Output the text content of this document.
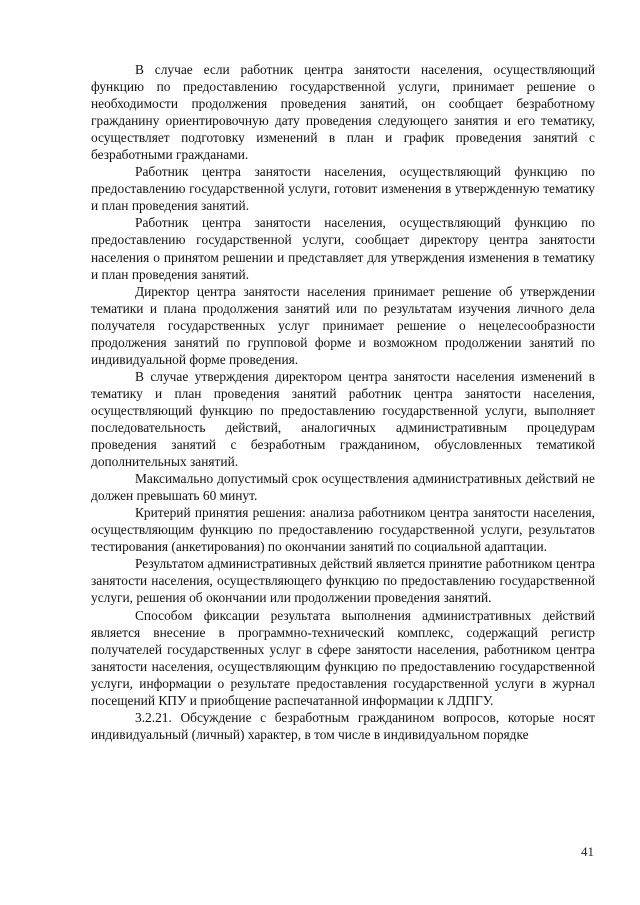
В случае если работник центра занятости населения, осуществляющий функцию по предоставлению государственной услуги, принимает решение о необходимости продолжения проведения занятий, он сообщает безработному гражданину ориентировочную дату проведения следующего занятия и его тематику, осуществляет подготовку изменений в план и график проведения занятий с безработными гражданами.

Работник центра занятости населения, осуществляющий функцию по предоставлению государственной услуги, готовит изменения в утвержденную тематику и план проведения занятий.

Работник центра занятости населения, осуществляющий функцию по предоставлению государственной услуги, сообщает директору центра занятости населения о принятом решении и представляет для утверждения изменения в тематику и план проведения занятий.

Директор центра занятости населения принимает решение об утверждении тематики и плана продолжения занятий или по результатам изучения личного дела получателя государственных услуг принимает решение о нецелесообразности продолжения занятий по групповой форме и возможном продолжении занятий по индивидуальной форме проведения.

В случае утверждения директором центра занятости населения изменений в тематику и план проведения занятий работник центра занятости населения, осуществляющий функцию по предоставлению государственной услуги, выполняет последовательность действий, аналогичных административным процедурам проведения занятий с безработным гражданином, обусловленных тематикой дополнительных занятий.

Максимально допустимый срок осуществления административных действий не должен превышать 60 минут.

Критерий принятия решения: анализа работником центра занятости населения, осуществляющим функцию по предоставлению государственной услуги, результатов тестирования (анкетирования) по окончании занятий по социальной адаптации.

Результатом административных действий является принятие работником центра занятости населения, осуществляющего функцию по предоставлению государственной услуги, решения об окончании или продолжении проведения занятий.

Способом фиксации результата выполнения административных действий является внесение в программно-технический комплекс, содержащий регистр получателей государственных услуг в сфере занятости населения, работником центра занятости населения, осуществляющим функцию по предоставлению государственной услуги, информации о результате предоставления государственной услуги в журнал посещений КПУ и приобщение распечатанной информации к ЛДПГУ.

3.2.21. Обсуждение с безработным гражданином вопросов, которые носят индивидуальный (личный) характер, в том числе в индивидуальном порядке

41
